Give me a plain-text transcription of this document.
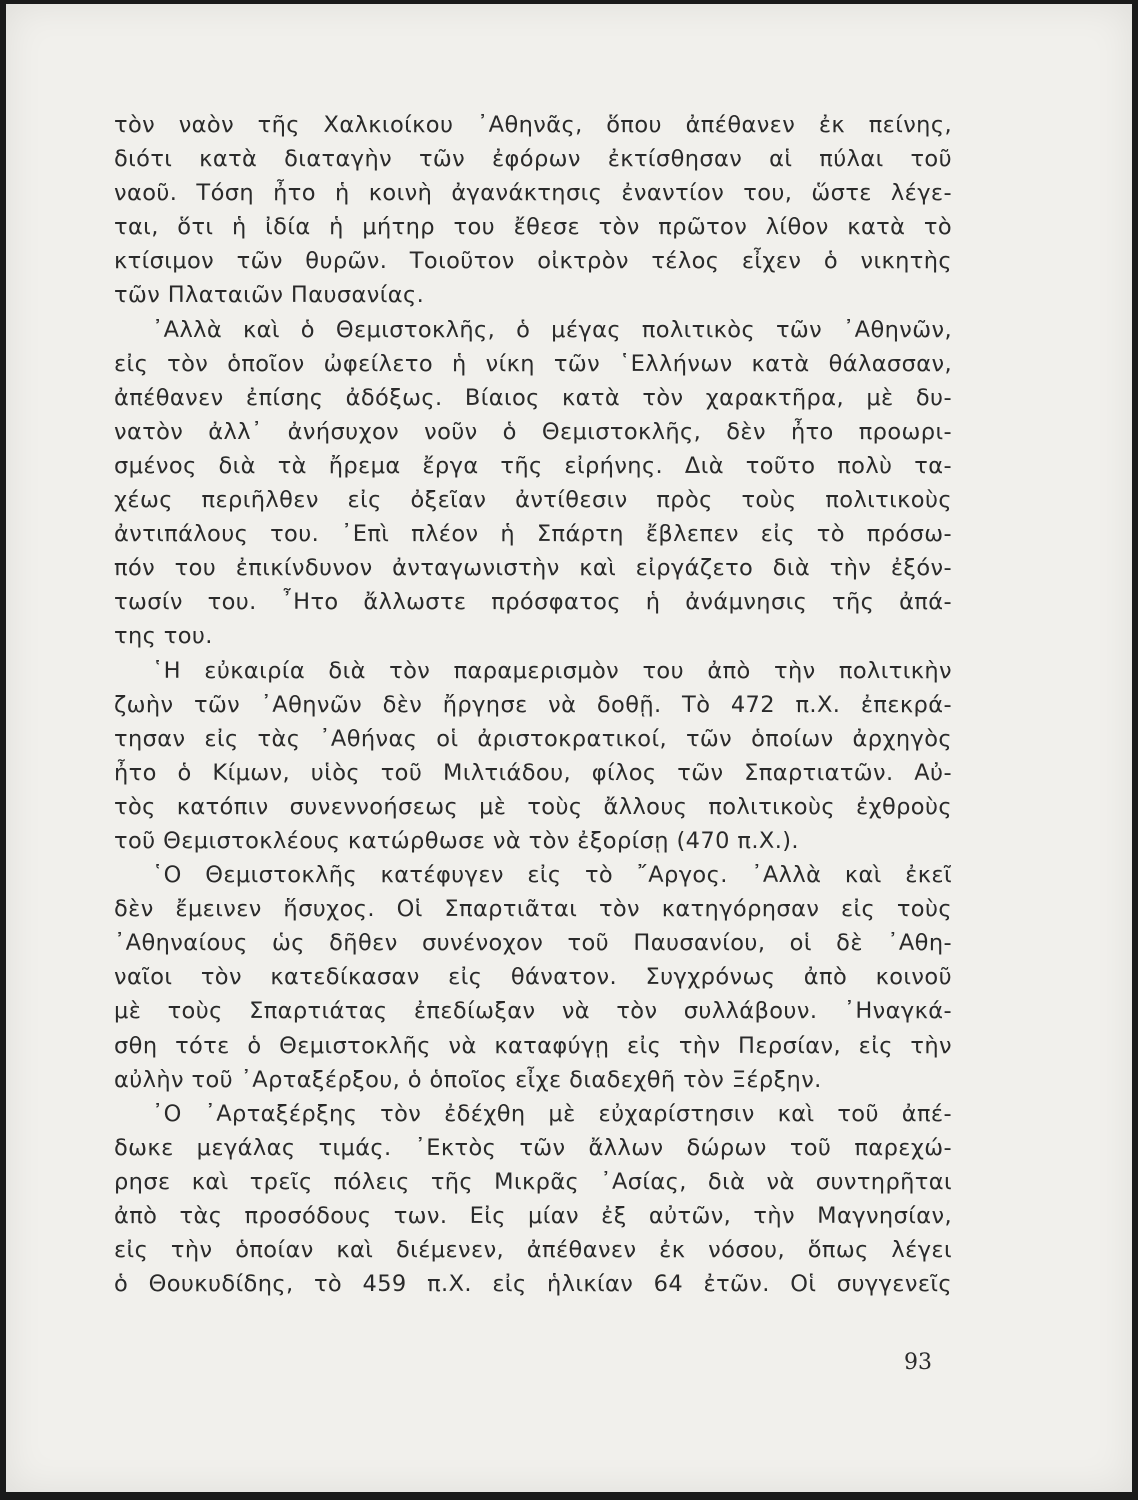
τὸν ναὸν τῆς Χαλκιοίκου ᾿Αθηνᾶς, ὅπου ἀπέθανεν ἐκ πείνης,
διότι κατὰ διαταγὴν τῶν ἐφόρων ἐκτίσθησαν αἱ πύλαι τοῦ
ναοῦ. Τόση ἦτο ἡ κοινὴ ἀγανάκτησις ἐναντίον του, ὥστε λέγε-
ται, ὅτι ἡ ἰδία ἡ μήτηρ του ἔθεσε τὸν πρῶτον λίθον κατὰ τὸ
κτίσιμον τῶν θυρῶν. Τοιοῦτον οἰκτρὸν τέλος εἶχεν ὁ νικητὴς
τῶν Πλαταιῶν Παυσανίας.
᾿Αλλὰ καὶ ὁ Θεμιστοκλῆς, ὁ μέγας πολιτικὸς τῶν ᾿Αθηνῶν,
εἰς τὸν ὁποῖον ὠφείλετο ἡ νίκη τῶν ῾Ελλήνων κατὰ θάλασσαν,
ἀπέθανεν ἐπίσης ἀδόξως. Βίαιος κατὰ τὸν χαρακτῆρα, μὲ δυ-
νατὸν ἀλλ᾿ ἀνήσυχον νοῦν ὁ Θεμιστοκλῆς, δὲν ἦτο προωρι-
σμένος διὰ τὰ ἤρεμα ἔργα τῆς εἰρήνης. Διὰ τοῦτο πολὺ τα-
χέως περιῆλθεν εἰς ὀξεῖαν ἀντίθεσιν πρὸς τοὺς πολιτικοὺς
ἀντιπάλους του. ᾿Επὶ πλέον ἡ Σπάρτη ἔβλεπεν εἰς τὸ πρόσω-
πόν του ἐπικίνδυνον ἀνταγωνιστὴν καὶ εἰργάζετο διὰ τὴν ἐξόν-
τωσίν του. ῏Ητο ἄλλωστε πρόσφατος ἡ ἀνάμνησις τῆς ἀπά-
της του.
῾Η εὐκαιρία διὰ τὸν παραμερισμὸν του ἀπὸ τὴν πολιτικὴν
ζωὴν τῶν ᾿Αθηνῶν δὲν ἤργησε νὰ δοθῇ. Τὸ 472 π.Χ. ἐπεκρά-
τησαν εἰς τὰς ᾿Αθήνας οἱ ἀριστοκρατικοί, τῶν ὁποίων ἀρχηγὸς
ἦτο ὁ Κίμων, υἱὸς τοῦ Μιλτιάδου, φίλος τῶν Σπαρτιατῶν. Αὐ-
τὸς κατόπιν συνεννοήσεως μὲ τοὺς ἄλλους πολιτικοὺς ἐχθροὺς
τοῦ Θεμιστοκλέους κατώρθωσε νὰ τὸν ἐξορίσῃ (470 π.Χ.).
῾Ο Θεμιστοκλῆς κατέφυγεν εἰς τὸ ῎Αργος. ᾿Αλλὰ καὶ ἐκεῖ
δὲν ἔμεινεν ἥσυχος. Οἱ Σπαρτιᾶται τὸν κατηγόρησαν εἰς τοὺς
᾿Αθηναίους ὡς δῆθεν συνένοχον τοῦ Παυσανίου, οἱ δὲ ᾿Αθη-
ναῖοι τὸν κατεδίκασαν εἰς θάνατον. Συγχρόνως ἀπὸ κοινοῦ
μὲ τοὺς Σπαρτιάτας ἐπεδίωξαν νὰ τὸν συλλάβουν. ᾿Ηναγκά-
σθη τότε ὁ Θεμιστοκλῆς νὰ καταφύγῃ εἰς τὴν Περσίαν, εἰς τὴν
αὐλὴν τοῦ ᾿Αρταξέρξου, ὁ ὁποῖος εἶχε διαδεχθῆ τὸν Ξέρξην.
᾿Ο ᾿Αρταξέρξης τὸν ἐδέχθη μὲ εὐχαρίστησιν καὶ τοῦ ἀπέ-
δωκε μεγάλας τιμάς. ᾿Εκτὸς τῶν ἄλλων δώρων τοῦ παρεχώ-
ρησε καὶ τρεῖς πόλεις τῆς Μικρᾶς ᾿Ασίας, διὰ νὰ συντηρῆται
ἀπὸ τὰς προσόδους των. Εἰς μίαν ἐξ αὐτῶν, τὴν Μαγνησίαν,
εἰς τὴν ὁποίαν καὶ διέμενεν, ἀπέθανεν ἐκ νόσου, ὅπως λέγει
ὁ Θουκυδίδης, τὸ 459 π.Χ. εἰς ἡλικίαν 64 ἐτῶν. Οἱ συγγενεῖς
93
